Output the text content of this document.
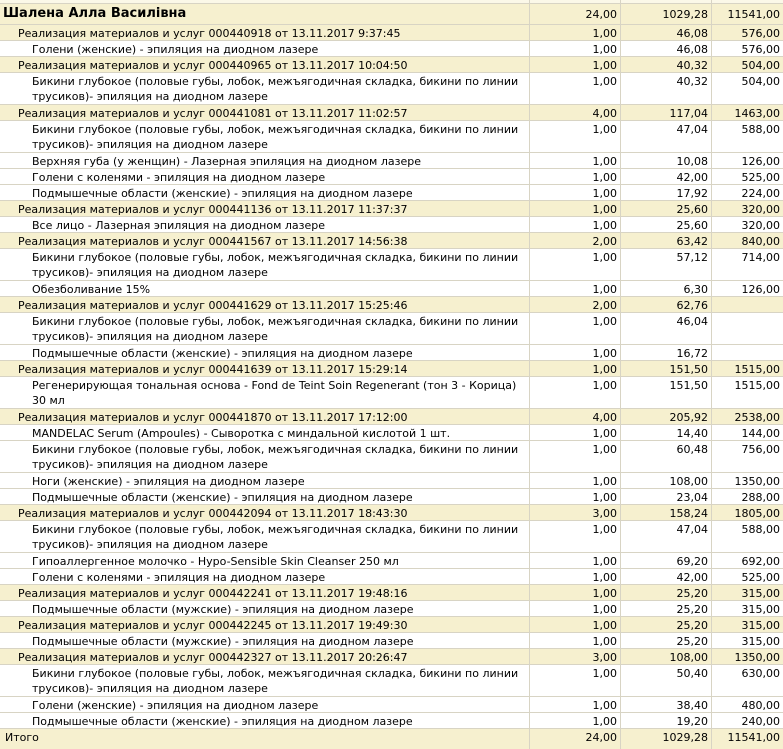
Шалена Алла Василівна	24,00	1029,28	11541,00
Реализация материалов и услуг 000440918 от 13.11.2017 9:37:45	1,00	46,08	576,00
Голени (женские) - эпиляция на диодном лазере	1,00	46,08	576,00
Реализация материалов и услуг 000440965 от 13.11.2017 10:04:50	1,00	40,32	504,00
Бикини глубокое (половые губы, лобок, межъягодичная складка, бикини по линии трусиков)- эпиляция на диодном лазере
1,00	40,32	504,00
Реализация материалов и услуг 000441081 от 13.11.2017 11:02:57	4,00	117,04	1463,00
Бикини глубокое (половые губы, лобок, межъягодичная складка, бикини по линии трусиков)- эпиляция на диодном лазере
1,00	47,04	588,00
Верхняя губа (у женщин) - Лазерная эпиляция на диодном лазере	1,00	10,08	126,00
Голени с коленями - эпиляция на диодном лазере	1,00	42,00	525,00
Подмышечные области (женские) - эпиляция на диодном лазере	1,00	17,92	224,00
Реализация материалов и услуг 000441136 от 13.11.2017 11:37:37	1,00	25,60	320,00
Все лицо - Лазерная эпиляция на диодном лазере	1,00	25,60	320,00
Реализация материалов и услуг 000441567 от 13.11.2017 14:56:38	2,00	63,42	840,00
Бикини глубокое (половые губы, лобок, межъягодичная складка, бикини по линии трусиков)- эпиляция на диодном лазере
1,00	57,12	714,00
Обезболивание 15%	1,00	6,30	126,00
Реализация материалов и услуг 000441629 от 13.11.2017 15:25:46	2,00	62,76
Бикини глубокое (половые губы, лобок, межъягодичная складка, бикини по линии трусиков)- эпиляция на диодном лазере
1,00	46,04
Подмышечные области (женские) - эпиляция на диодном лазере	1,00	16,72
Реализация материалов и услуг 000441639 от 13.11.2017 15:29:14	1,00	151,50	1515,00
Регенерирующая тональная основа - Fond de Teint Soin Regenerant (тон 3 - Корица) 30 мл
1,00	151,50	1515,00
Реализация материалов и услуг 000441870 от 13.11.2017 17:12:00	4,00	205,92	2538,00
MANDELAC Serum (Ampoules) - Сыворотка с миндальной кислотой 1 шт.	1,00	14,40	144,00
Бикини глубокое (половые губы, лобок, межъягодичная складка, бикини по линии трусиков)- эпиляция на диодном лазере
1,00	60,48	756,00
Ноги (женские) - эпиляция на диодном лазере	1,00	108,00	1350,00
Подмышечные области (женские) - эпиляция на диодном лазере	1,00	23,04	288,00
Реализация материалов и услуг 000442094 от 13.11.2017 18:43:30	3,00	158,24	1805,00
Бикини глубокое (половые губы, лобок, межъягодичная складка, бикини по линии трусиков)- эпиляция на диодном лазере
1,00	47,04	588,00
Гипоаллергенное молочко - Hypo-Sensible Skin Cleanser 250 мл	1,00	69,20	692,00
Голени с коленями - эпиляция на диодном лазере	1,00	42,00	525,00
Реализация материалов и услуг 000442241 от 13.11.2017 19:48:16	1,00	25,20	315,00
Подмышечные области (мужские) - эпиляция на диодном лазере	1,00	25,20	315,00
Реализация материалов и услуг 000442245 от 13.11.2017 19:49:30	1,00	25,20	315,00
Подмышечные области (мужские) - эпиляция на диодном лазере	1,00	25,20	315,00
Реализация материалов и услуг 000442327 от 13.11.2017 20:26:47	3,00	108,00	1350,00
Бикини глубокое (половые губы, лобок, межъягодичная складка, бикини по линии трусиков)- эпиляция на диодном лазере
1,00	50,40	630,00
Голени (женские) - эпиляция на диодном лазере	1,00	38,40	480,00
Подмышечные области (женские) - эпиляция на диодном лазере	1,00	19,20	240,00
Итого	24,00	1029,28	11541,00
